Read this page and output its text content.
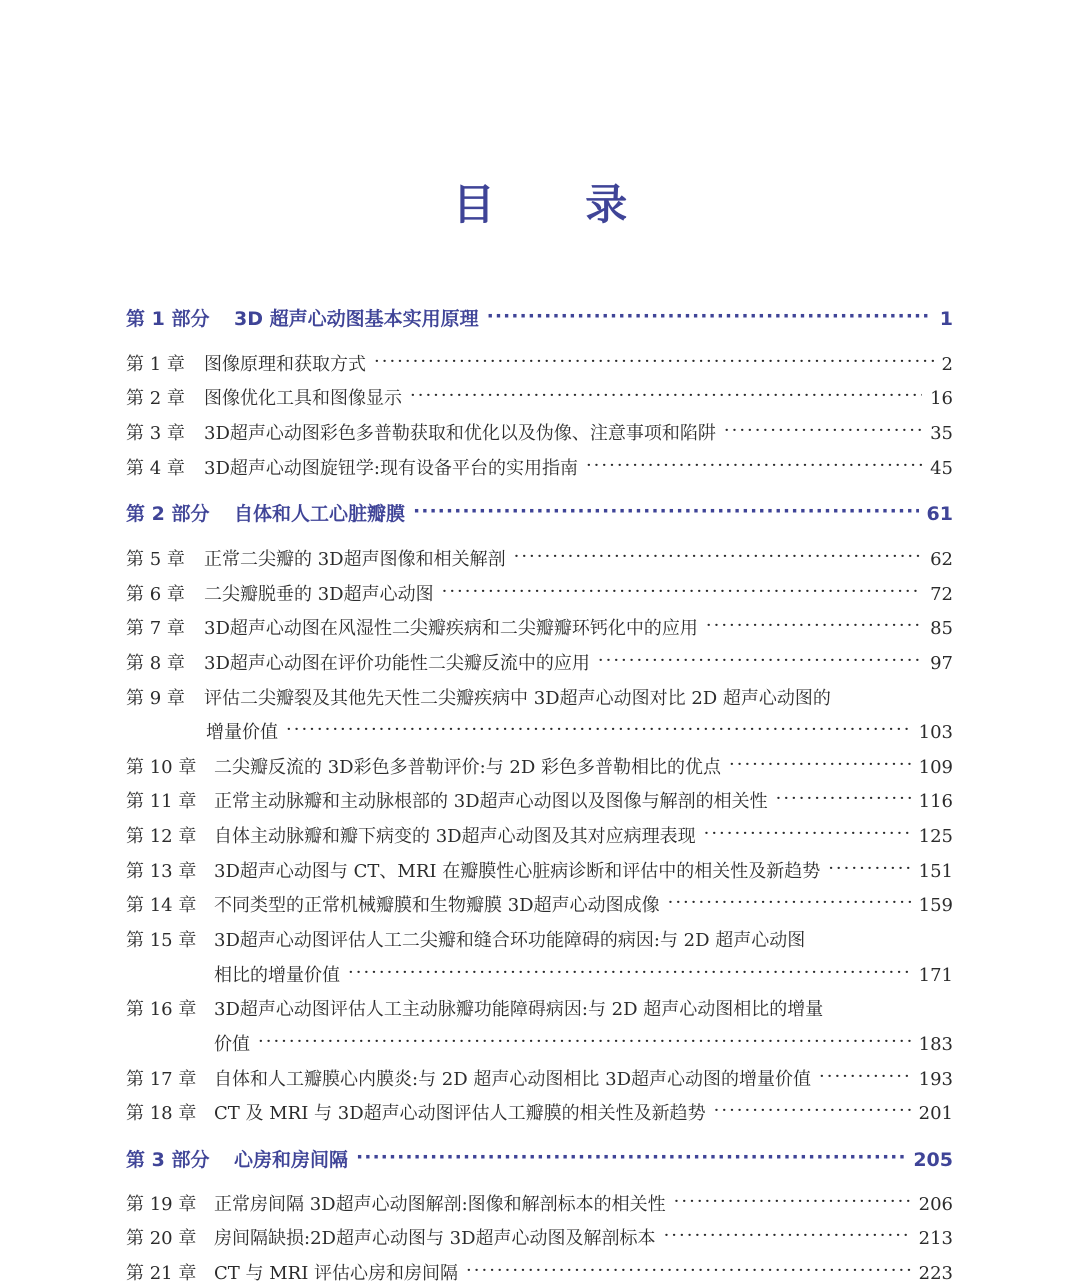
目 录
第 1 部分	3D 超声心动图基本实用原理 ·····	1
第 1 章	图像原理和获取方式 ·····	2
第 2 章	图像优化工具和图像显示 ·····	16
第 3 章	3D超声心动图彩色多普勒获取和优化以及伪像、注意事项和陷阱 ·····	35
第 4 章	3D超声心动图旋钮学:现有设备平台的实用指南 ·····	45
第 2 部分	自体和人工心脏瓣膜 ·····	61
第 5 章	正常二尖瓣的 3D超声图像和相关解剖 ·····	62
第 6 章	二尖瓣脱垂的 3D超声心动图 ·····	72
第 7 章	3D超声心动图在风湿性二尖瓣疾病和二尖瓣瓣环钙化中的应用 ·····	85
第 8 章	3D超声心动图在评价功能性二尖瓣反流中的应用 ·····	97
第 9 章	评估二尖瓣裂及其他先天性二尖瓣疾病中 3D超声心动图对比 2D 超声心动图的
增量价值 ·····	103
第 10 章 二尖瓣反流的 3D彩色多普勒评价:与 2D 彩色多普勒相比的优点 ·····	109
第 11 章 正常主动脉瓣和主动脉根部的 3D超声心动图以及图像与解剖的相关性 ·····	116
第 12 章 自体主动脉瓣和瓣下病变的 3D超声心动图及其对应病理表现 ·····	125
第 13 章 3D超声心动图与 CT、MRI 在瓣膜性心脏病诊断和评估中的相关性及新趋势 ·····	151
第 14 章 不同类型的正常机械瓣膜和生物瓣膜 3D超声心动图成像 ·····	159
第 15 章 3D超声心动图评估人工二尖瓣和缝合环功能障碍的病因:与 2D 超声心动图
相比的增量价值 ·····	171
第 16 章 3D超声心动图评估人工主动脉瓣功能障碍病因:与 2D 超声心动图相比的增量
价值 ·····	183
第 17 章 自体和人工瓣膜心内膜炎:与 2D 超声心动图相比 3D超声心动图的增量价值 ·····	193
第 18 章 CT 及 MRI 与 3D超声心动图评估人工瓣膜的相关性及新趋势 ·····	201
第 3 部分	心房和房间隔 ·····	205
第 19 章 正常房间隔 3D超声心动图解剖:图像和解剖标本的相关性 ·····	206
第 20 章 房间隔缺损:2D超声心动图与 3D超声心动图及解剖标本 ·····	213
第 21 章 CT 与 MRI 评估心房和房间隔 ·····	223
